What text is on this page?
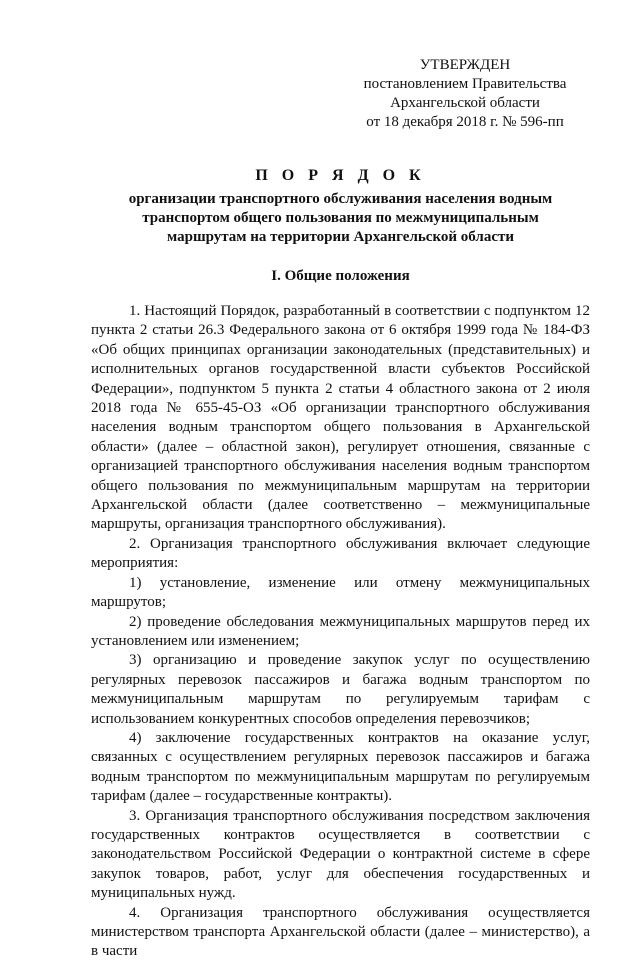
УТВЕРЖДЕН
постановлением Правительства
Архангельской области
от 18 декабря 2018 г. № 596-пп
П О Р Я Д О К
организации транспортного обслуживания населения водным
транспортом общего пользования по межмуниципальным
маршрутам на территории Архангельской области
I. Общие положения

1. Настоящий Порядок, разработанный в соответствии с подпунктом 12 пункта 2 статьи 26.3 Федерального закона от 6 октября 1999 года № 184-ФЗ «Об общих принципах организации законодательных (представительных) и исполнительных органов государственной власти субъектов Российской Федерации», подпунктом 5 пункта 2 статьи 4 областного закона от 2 июля 2018 года № 655-45-ОЗ «Об организации транспортного обслуживания населения водным транспортом общего пользования в Архангельской области» (далее – областной закон), регулирует отношения, связанные с организацией транспортного обслуживания населения водным транспортом общего пользования по межмуниципальным маршрутам на территории Архангельской области (далее соответственно – межмуниципальные маршруты, организация транспортного обслуживания).

2. Организация транспортного обслуживания включает следующие мероприятия:

1) установление, изменение или отмену межмуниципальных маршрутов;

2) проведение обследования межмуниципальных маршрутов перед их установлением или изменением;

3) организацию и проведение закупок услуг по осуществлению регулярных перевозок пассажиров и багажа водным транспортом по межмуниципальным маршрутам по регулируемым тарифам с использованием конкурентных способов определения перевозчиков;

4) заключение государственных контрактов на оказание услуг, связанных с осуществлением регулярных перевозок пассажиров и багажа водным транспортом по межмуниципальным маршрутам по регулируемым тарифам (далее – государственные контракты).

3. Организация транспортного обслуживания посредством заключения государственных контрактов осуществляется в соответствии с законодательством Российской Федерации о контрактной системе в сфере закупок товаров, работ, услуг для обеспечения государственных и муниципальных нужд.

4. Организация транспортного обслуживания осуществляется министерством транспорта Архангельской области (далее – министерство), а в части
